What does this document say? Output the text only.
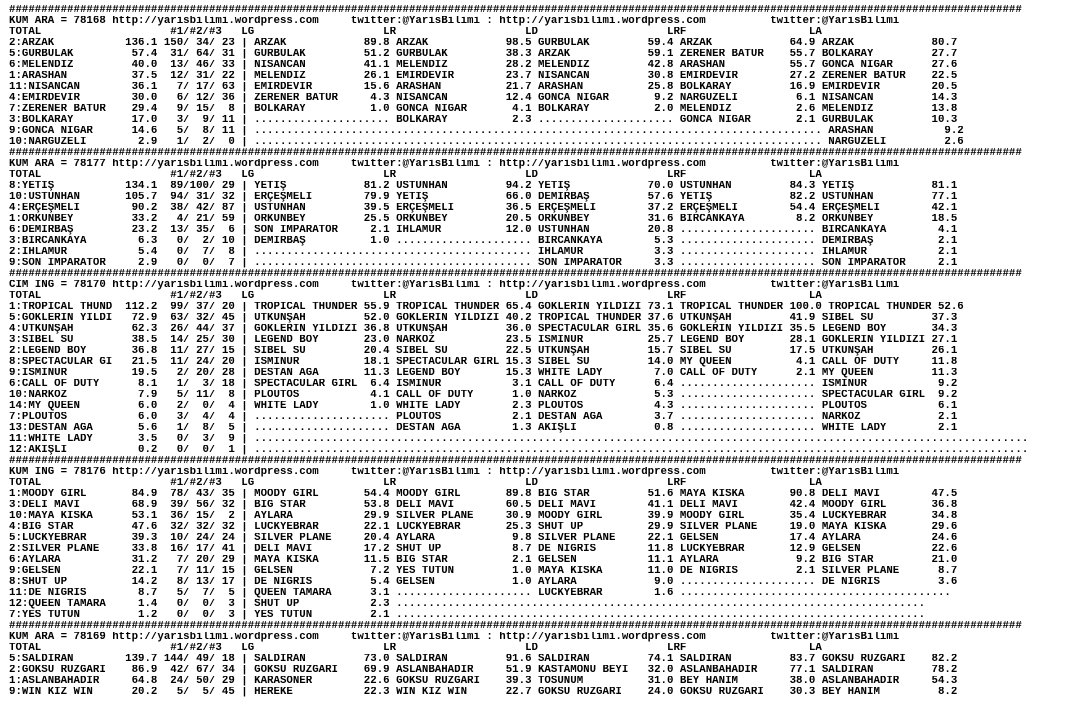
#############################################################################################################################################################
KUM ARA = 78168 http://yarisbilimi.wordpress.com     twitter:@YarisBilimi : http://yarisbilimi.wordpress.com          twitter:@YarisBilimi
TOTAL                    #1/#2/#3   LG                    LR                    LD                    LRF                   LA
2:ARZAK           136.1 150/ 34/ 23 | ARZAK            89.8 ARZAK            98.5 GÜRBULAK         59.4 ARZAK            64.9 ARZAK            80.7
5:GÜRBULAK         57.4  31/ 64/ 31 | GÜRBULAK         51.2 GÜRBULAK         38.3 ARZAK            59.1 ZERENER BATUR    55.7 BOLKARAY         27.7
6:MELENDIZ         40.0  13/ 46/ 33 | NİSANCAN         41.1 MELENDIZ         28.2 MELENDIZ         42.8 ARASHAN          55.7 GONCA NİGAR      27.6
1:ARASHAN          37.5  12/ 31/ 22 | MELENDIZ         26.1 EMİRDEVİR        23.7 NİSANCAN         30.8 EMİRDEVİR        27.2 ZERENER BATUR    22.5
11:NİSANCAN        36.1   7/ 17/ 63 | EMİRDEVİR        15.6 ARASHAN          21.7 ARASHAN          25.8 BOLKARAY         16.9 EMİRDEVİR        20.5
4:EMİRDEVİR        30.0   6/ 12/ 36 | ZERENER BATUR     4.3 NİSANCAN         12.4 GONCA NİGAR       9.2 NARGÜZELİ         6.1 NİSANCAN         14.3
7:ZERENER BATUR    29.4   9/ 15/  8 | BOLKARAY          1.0 GONCA NİGAR       4.1 BOLKARAY          2.0 MELENDIZ          2.6 MELENDIZ         13.8
3:BOLKARAY         17.0   3/  9/ 11 | ..................... BOLKARAY          2.3 ..................... GONCA NİGAR       2.1 GÜRBULAK         10.3
9:GONCA NİGAR      14.6   5/  8/ 11 | ........................................................................................ ARASHAN           9.2
10:NARGÜZELİ        2.9   1/  2/  0 | ........................................................................................ NARGÜZELİ         2.6
#############################################################################################################################################################
KUM ARA = 78177 http://yarisbilimi.wordpress.com     twitter:@YarisBilimi : http://yarisbilimi.wordpress.com          twitter:@YarisBilimi
TOTAL                    #1/#2/#3   LG                    LR                    LD                    LRF                   LA
8:YETİŞ           134.1  89/100/ 29 | YETİŞ            81.2 ÜSTÜNHAN         94.2 YETİŞ            70.0 ÜSTÜNHAN         84.3 YETİŞ            81.1
10:ÜSTÜNHAN       105.7  94/ 31/ 32 | ERÇEŞMELİ        79.9 YETİŞ            66.0 DEMİRBAŞ         57.6 YETİŞ            82.2 ÜSTÜNHAN         77.1
4:ERÇEŞMELİ        90.2  38/ 42/ 87 | ÜSTÜNHAN         39.5 ERÇEŞMELİ        36.5 ERÇEŞMELİ        37.2 ERÇEŞMELİ        54.4 ERÇEŞMELİ        42.1
1:ORKUNBEY         33.2   4/ 21/ 59 | ORKUNBEY         25.5 ORKUNBEY         20.5 ORKUNBEY         31.6 BİRCANKAYA        8.2 ORKUNBEY         18.5
6:DEMİRBAŞ         23.2  13/ 35/  6 | SON İMPARATOR     2.1 IHLAMUR          12.0 ÜSTÜNHAN         20.8 ..................... BİRCANKAYA        4.1
3:BİRCANKAYA        6.3   0/  2/ 10 | DEMİRBAŞ          1.0 ..................... BİRCANKAYA        5.3 ..................... DEMİRBAŞ          2.1
2:IHLAMUR           5.4   0/  7/  8 | ........................................... IHLAMUR           3.3 ..................... IHLAMUR           2.1
9:SON İMPARATOR     2.9   0/  0/  7 | ........................................... SON İMPARATOR     3.3 ..................... SON İMPARATOR     2.1
#############################################################################################################################################################
CIM ING = 78170 http://yarisbilimi.wordpress.com     twitter:@YarisBilimi : http://yarisbilimi.wordpress.com          twitter:@YarisBilimi
TOTAL                    #1/#2/#3   LG                    LR                    LD                    LRF                   LA
1:TROPICAL THUND  112.2  99/ 37/ 20 | TROPICAL THUNDER 55.9 TROPICAL THUNDER 65.4 GÖKLERİN YILDIZI 73.1 TROPICAL THUNDER 100.0 TROPICAL THUNDER 52.6
5:GÖKLERİN YILDI   72.9  63/ 32/ 45 | UTKUNŞAH         52.0 GÖKLERİN YILDIZI 40.2 TROPICAL THUNDER 37.6 UTKUNŞAH         41.9 SİBEL SU         37.3
4:UTKUNŞAH         62.3  26/ 44/ 37 | GÖKLERİN YILDIZI 36.8 UTKUNŞAH         36.0 SPECTACULAR GIRL 35.6 GÖKLERİN YILDIZI 35.5 LEGEND BOY       34.3
3:SİBEL SU         38.5  14/ 25/ 30 | LEGEND BOY       23.0 NARKOZ           23.5 İSMİNUR          25.7 LEGEND BOY       28.1 GÖKLERİN YILDIZI 27.1
2:LEGEND BOY       36.8  11/ 27/ 15 | SİBEL SU         20.4 SİBEL SU         22.5 UTKUNŞAH         15.7 SİBEL SU         17.5 UTKUNŞAH         26.1
8:SPECTACULAR GI   21.5  11/ 24/ 20 | İSMİNUR          18.1 SPECTACULAR GIRL 15.3 SİBEL SU         14.0 MY QUEEN          4.1 CALL OF DUTY     11.8
9:İSMİNUR          19.5   2/ 20/ 28 | DESTAN AGA       11.3 LEGEND BOY       15.3 WHITE LADY        7.0 CALL OF DUTY      2.1 MY QUEEN         11.3
6:CALL OF DUTY      8.1   1/  3/ 18 | SPECTACULAR GIRL  6.4 İSMİNUR           3.1 CALL OF DUTY      6.4 ..................... İSMİNUR           9.2
10:NARKOZ           7.9   5/ 11/  8 | PLOUTOS           4.1 CALL OF DUTY      1.0 NARKOZ            5.3 ..................... SPECTACULAR GIRL  9.2
14:MY QUEEN         6.0   2/  0/  4 | WHITE LADY        1.0 WHITE LADY        2.3 PLOUTOS           4.3 ..................... PLOUTOS           6.1
7:PLOUTOS           6.0   3/  4/  4 | ..................... PLOUTOS           2.1 DESTAN AGA        3.7 ..................... NARKOZ            2.1
13:DESTAN AGA       5.6   1/  8/  5 | ..................... DESTAN AGA        1.3 AKIŞLI            0.8 ..................... WHITE LADY        2.1
11:WHITE LADY       3.5   0/  3/  9 | ........................................................................................................................
12:AKIŞLI           0.2   0/  0/  1 | ........................................................................................................................
#############################################################################################################################################################
KUM ING = 78176 http://yarisbilimi.wordpress.com     twitter:@YarisBilimi : http://yarisbilimi.wordpress.com          twitter:@YarisBilimi
TOTAL                    #1/#2/#3   LG                    LR                    LD                    LRF                   LA
1:MOODY GIRL       84.9  78/ 43/ 35 | MOODY GIRL       54.4 MOODY GIRL       89.8 BIG STAR         51.6 MAYA KISKA       90.8 DELİ MAVİ        47.5
3:DELİ MAVİ        68.9  39/ 56/ 32 | BIG STAR         53.8 DELİ MAVİ        60.5 DELİ MAVİ        41.1 DELİ MAVİ        42.4 MOODY GIRL       36.8
10:MAYA KISKA      53.1  36/ 15/  2 | AYLARA           29.9 SILVER PLANE     30.9 MOODY GIRL       39.9 MOODY GIRL       35.4 LUCKYEBRAR       34.8
4:BIG STAR         47.6  32/ 32/ 32 | LUCKYEBRAR       22.1 LUCKYEBRAR       25.3 SHUT UP          29.9 SILVER PLANE     19.0 MAYA KISKA       29.6
5:LUCKYEBRAR       39.3  10/ 24/ 24 | SILVER PLANE     20.4 AYLARA            9.8 SILVER PLANE     22.1 GELSEN           17.4 AYLARA           24.6
2:SILVER PLANE     33.8  16/ 17/ 41 | DELİ MAVİ        17.2 SHUT UP           8.7 DE NİGRİS        11.8 LUCKYEBRAR       12.9 GELSEN           22.6
6:AYLARA           31.2   7/ 20/ 29 | MAYA KISKA       11.5 BIG STAR          2.1 GELSEN           11.1 AYLARA            9.2 BIG STAR         21.0
9:GELSEN           22.1   7/ 11/ 15 | GELSEN            7.2 YES TÜTÜN         1.0 MAYA KISKA       11.0 DE NİGRİS         2.1 SILVER PLANE      8.7
8:SHUT UP          14.2   8/ 13/ 17 | DE NİGRİS         5.4 GELSEN            1.0 AYLARA            9.0 ..................... DE NİGRİS         3.6
11:DE NİGRİS        8.7   5/  7/  5 | QUEEN TAMARA      3.1 ..................... LUCKYEBRAR        1.6 ..........................................
12:QUEEN TAMARA     1.4   0/  0/  3 | SHUT UP           2.3 ..................................................................................
7:YES TÜTÜN         1.2   0/  0/  3 | YES TÜTÜN         2.1 ..................................................................................
#############################################################################################################################################################
KUM ARA = 78169 http://yarisbilimi.wordpress.com     twitter:@YarisBilimi : http://yarisbilimi.wordpress.com          twitter:@YarisBilimi
TOTAL                    #1/#2/#3   LG                    LR                    LD                    LRF                   LA
5:SALDIRAN        139.7 144/ 49/ 18 | SALDIRAN         73.0 SALDIRAN         91.6 SALDIRAN         74.1 SALDIRAN         83.7 GÖKSU RÜZGARI    82.2
2:GÖKSU RÜZGARI    86.9  42/ 67/ 34 | GÖKSU RÜZGARI    69.9 ASLANBAHADIR     51.9 KASTAMONU BEYİ   32.0 ASLANBAHADIR     77.1 SALDIRAN         78.2
1:ASLANBAHADIR     64.8  24/ 50/ 29 | KARASONER        22.6 GÖKSU RÜZGARI    39.3 TOSUNUM          31.0 BEY HANIM        38.0 ASLANBAHADIR     54.3
9:WIN KIZ WIN      20.2   5/  5/ 45 | HEREKE           22.3 WIN KIZ WIN      22.7 GÖKSU RÜZGARI    24.0 GÖKSU RÜZGARI    30.3 BEY HANIM         8.2
